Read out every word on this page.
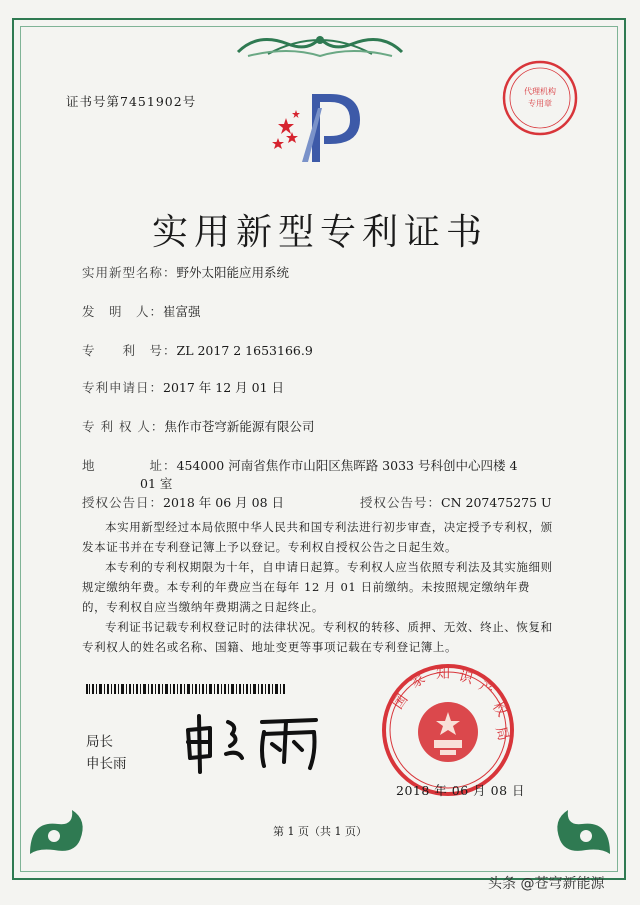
证书号第7451902号
代理机构
专用章
实用新型专利证书
实用新型名称：野外太阳能应用系统
发　明　人：崔富强
专　　利　号：ZL 2017 2 1653166.9
专利申请日：2017 年 12 月 01 日
专 利 权 人：焦作市苍穹新能源有限公司
地　　　　址：454000 河南省焦作市山阳区焦晖路 3033 号科创中心四楼 4
01 室
授权公告日：2018 年 06 月 08 日	授权公告号：CN 207475275 U

本实用新型经过本局依照中华人民共和国专利法进行初步审查，决定授予专利权，颁发本证书并在专利登记簿上予以登记。专利权自授权公告之日起生效。

本专利的专利权期限为十年，自申请日起算。专利权人应当依照专利法及其实施细则规定缴纳年费。本专利的年费应当在每年 12 月 01 日前缴纳。未按照规定缴纳年费的，专利权自应当缴纳年费期满之日起终止。

专利证书记载专利权登记时的法律状况。专利权的转移、质押、无效、终止、恢复和专利权人的姓名或名称、国籍、地址变更等事项记载在专利登记簿上。

局长
申长雨
国
家 知 识
产
权
局
2018 年 06 月 08 日
第 1 页（共 1 页）
头条 @苍穹新能源
